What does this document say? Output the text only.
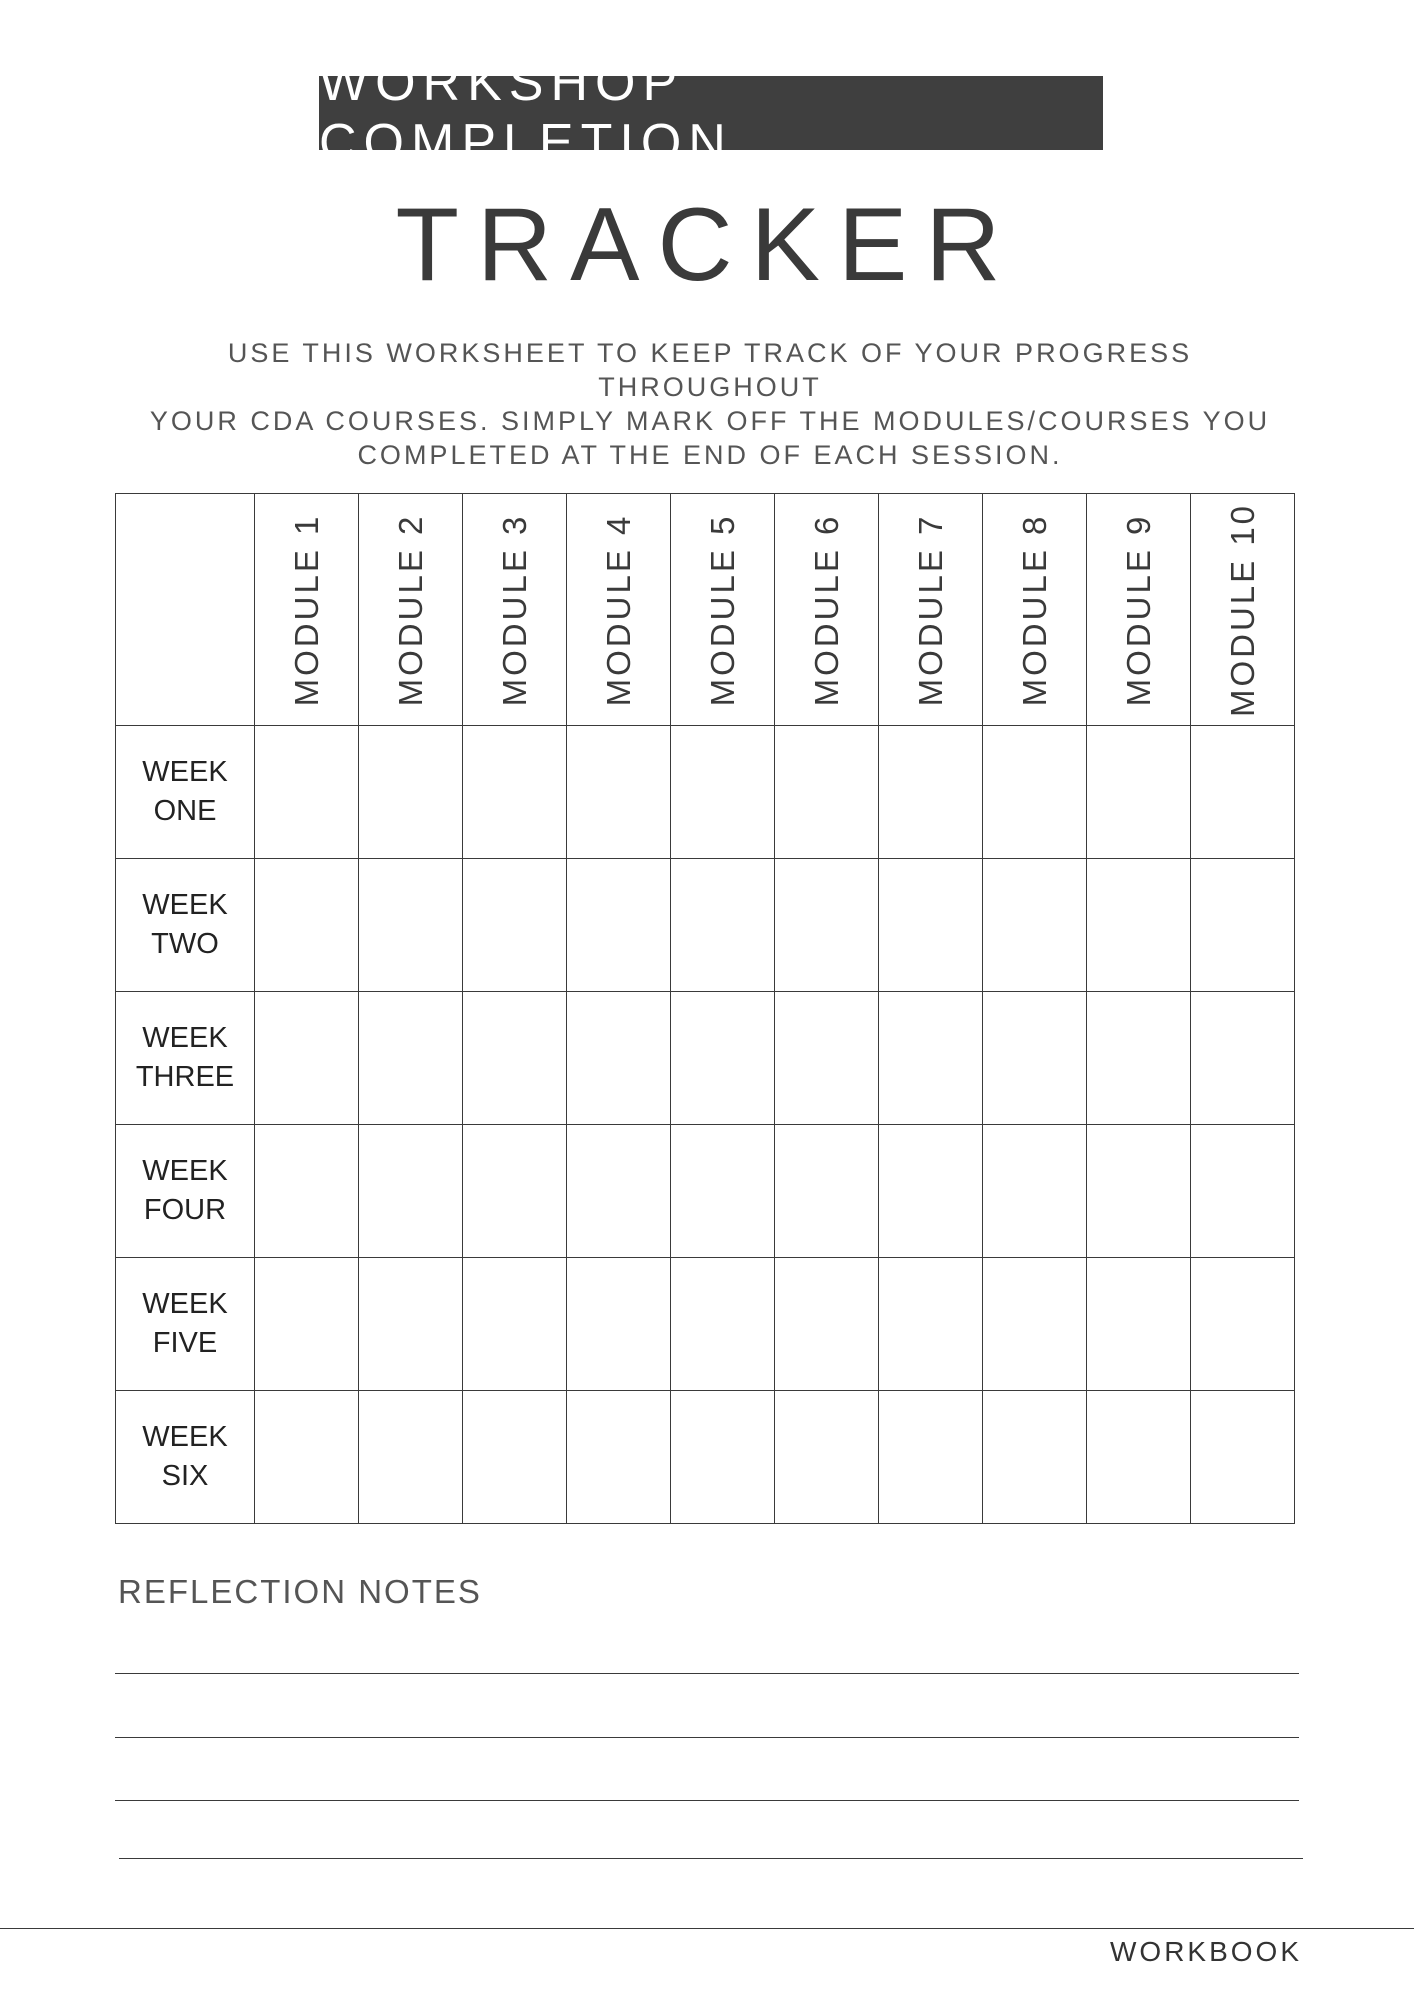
WORKSHOP COMPLETION
TRACKER
USE THIS WORKSHEET TO KEEP TRACK OF YOUR PROGRESS THROUGHOUT
YOUR CDA COURSES. SIMPLY MARK OFF THE MODULES/COURSES YOU
COMPLETED AT THE END OF EACH SESSION.

	MODULE 1	MODULE 2	MODULE 3	MODULE 4	MODULE 5	MODULE 6	MODULE 7	MODULE 8	MODULE 9	MODULE 10

WEEK
ONE										

WEEK
TWO										

WEEK
THREE										

WEEK
FOUR										

WEEK
FIVE										

WEEK
SIX										

REFLECTION NOTES
WORKBOOK
